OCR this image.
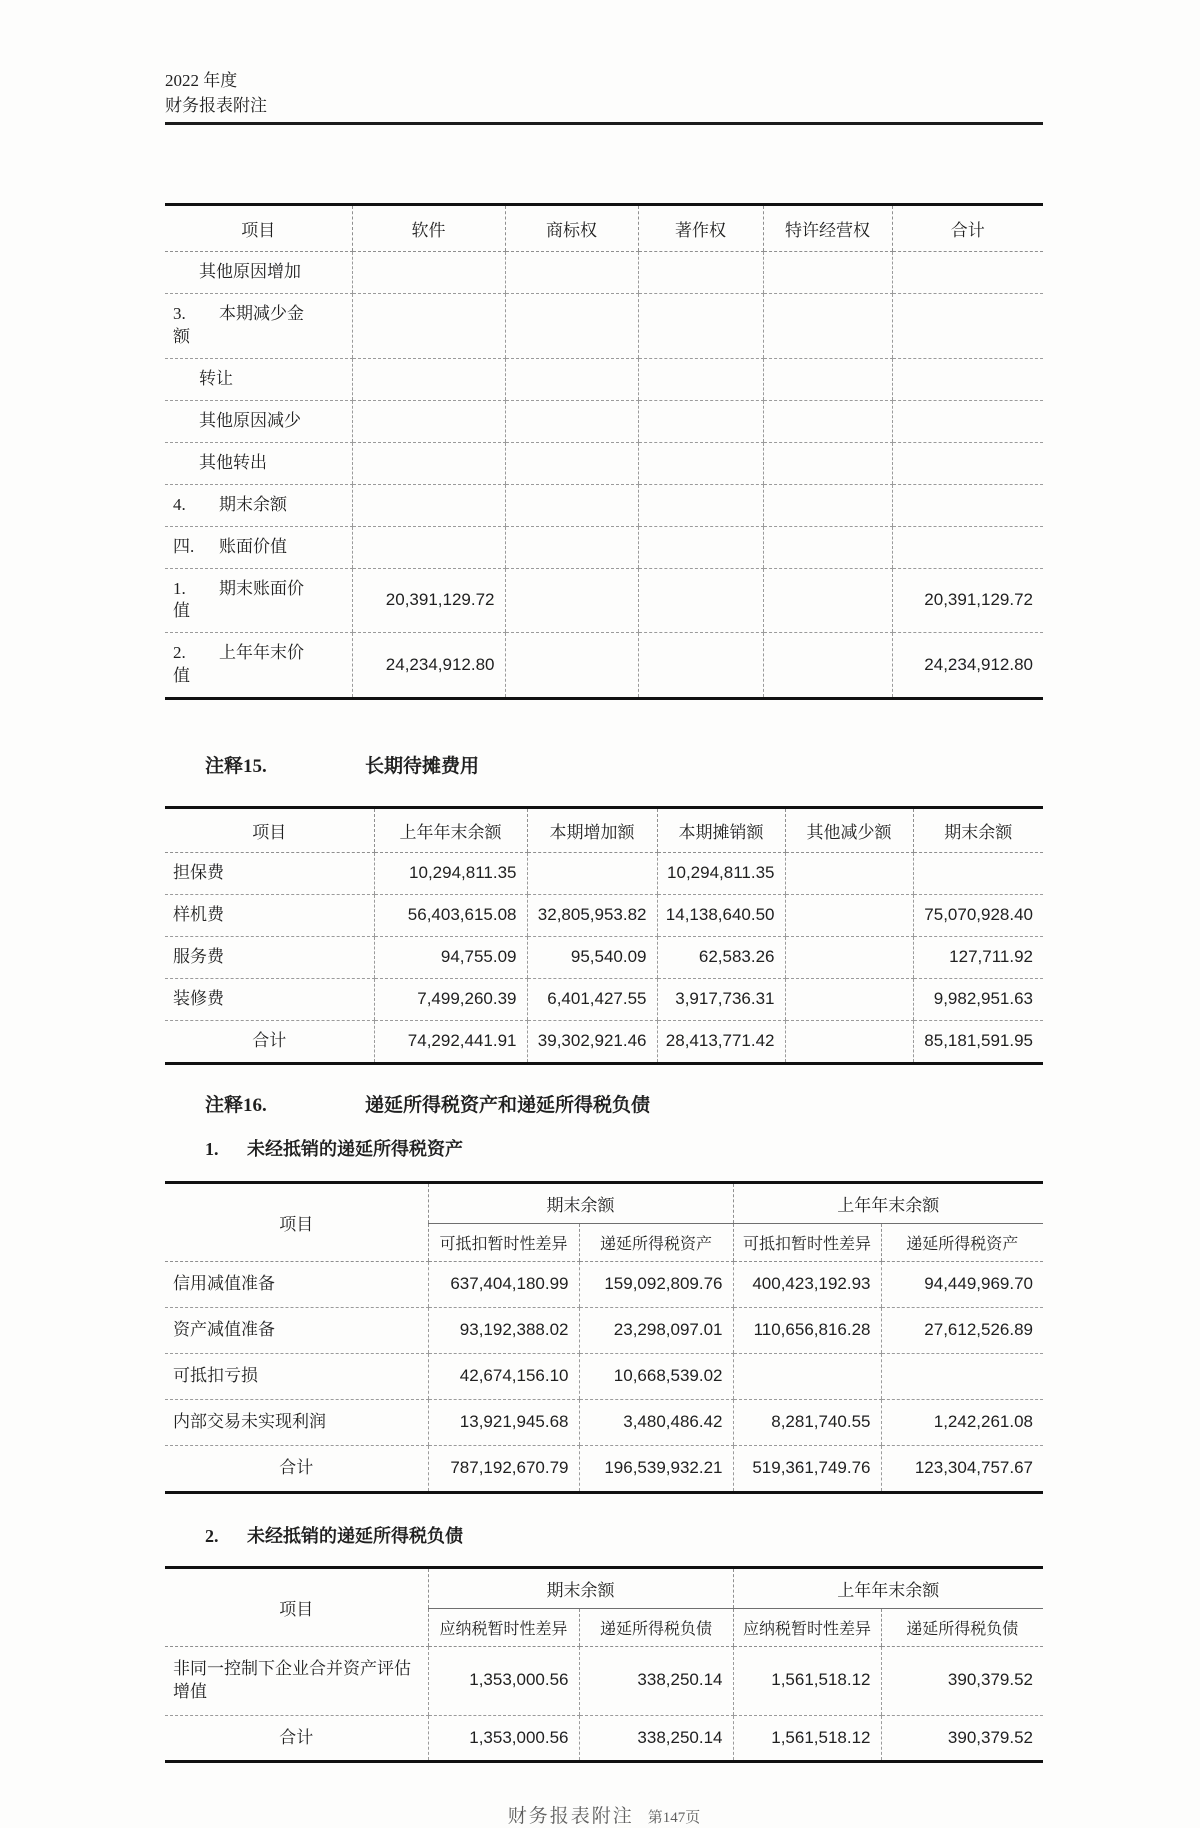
2022 年度
财务报表附注
项目	软件	商标权	著作权	特许经营权	合计
其他原因增加					
3. 本期减少金额					
转让					
其他原因减少					
其他转出					
4. 期末余额					
四. 账面价值					
1. 期末账面价值	20,391,129.72				20,391,129.72
2. 上年年末价值	24,234,912.80				24,234,912.80
注释15.	长期待摊费用
项目	上年年末余额	本期增加额	本期摊销额	其他减少额	期末余额
担保费	10,294,811.35		10,294,811.35		
样机费	56,403,615.08	32,805,953.82	14,138,640.50		75,070,928.40
服务费	94,755.09	95,540.09	62,583.26		127,711.92
装修费	7,499,260.39	6,401,427.55	3,917,736.31		9,982,951.63
合计	74,292,441.91	39,302,921.46	28,413,771.42		85,181,591.95
注释16.	递延所得税资产和递延所得税负债
1. 未经抵销的递延所得税资产
项目	期末余额		上年年末余额	
	可抵扣暂时性差异	递延所得税资产	可抵扣暂时性差异	递延所得税资产
信用减值准备	637,404,180.99	159,092,809.76	400,423,192.93	94,449,969.70
资产减值准备	93,192,388.02	23,298,097.01	110,656,816.28	27,612,526.89
可抵扣亏损	42,674,156.10	10,668,539.02		
内部交易未实现利润	13,921,945.68	3,480,486.42	8,281,740.55	1,242,261.08
合计	787,192,670.79	196,539,932.21	519,361,749.76	123,304,757.67
2. 未经抵销的递延所得税负债
项目	期末余额		上年年末余额	
	应纳税暂时性差异	递延所得税负债	应纳税暂时性差异	递延所得税负债
非同一控制下企业合并资产评估增值	1,353,000.56	338,250.14	1,561,518.12	390,379.52
合计	1,353,000.56	338,250.14	1,561,518.12	390,379.52
财务报表附注 第147页
